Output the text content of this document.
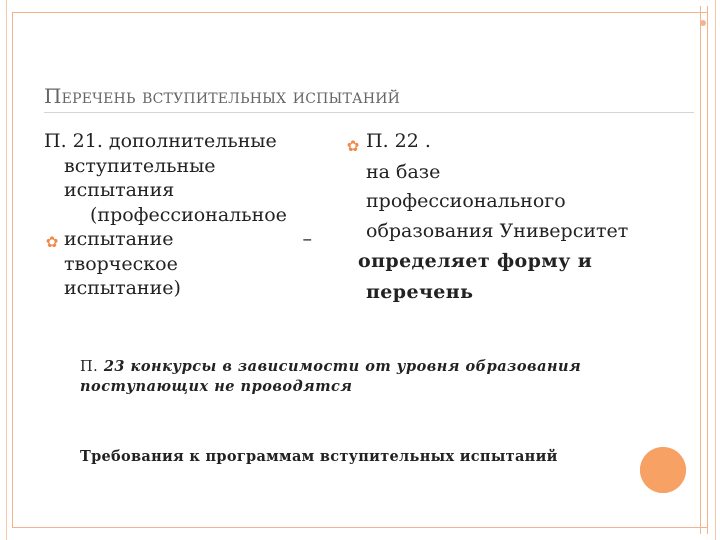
Перечень вступительных испытаний
✿
П. 21. дополнительные
вступительные
испытания
(профессиональное
испытание	–
творческое
испытание)
✿ П. 22 .
на базе
профессионального
образования Университет
определяет форму и
перечень
П. 23 конкурсы в зависимости от уровня образования
поступающих не проводятся
Требования к программам вступительных испытаний
